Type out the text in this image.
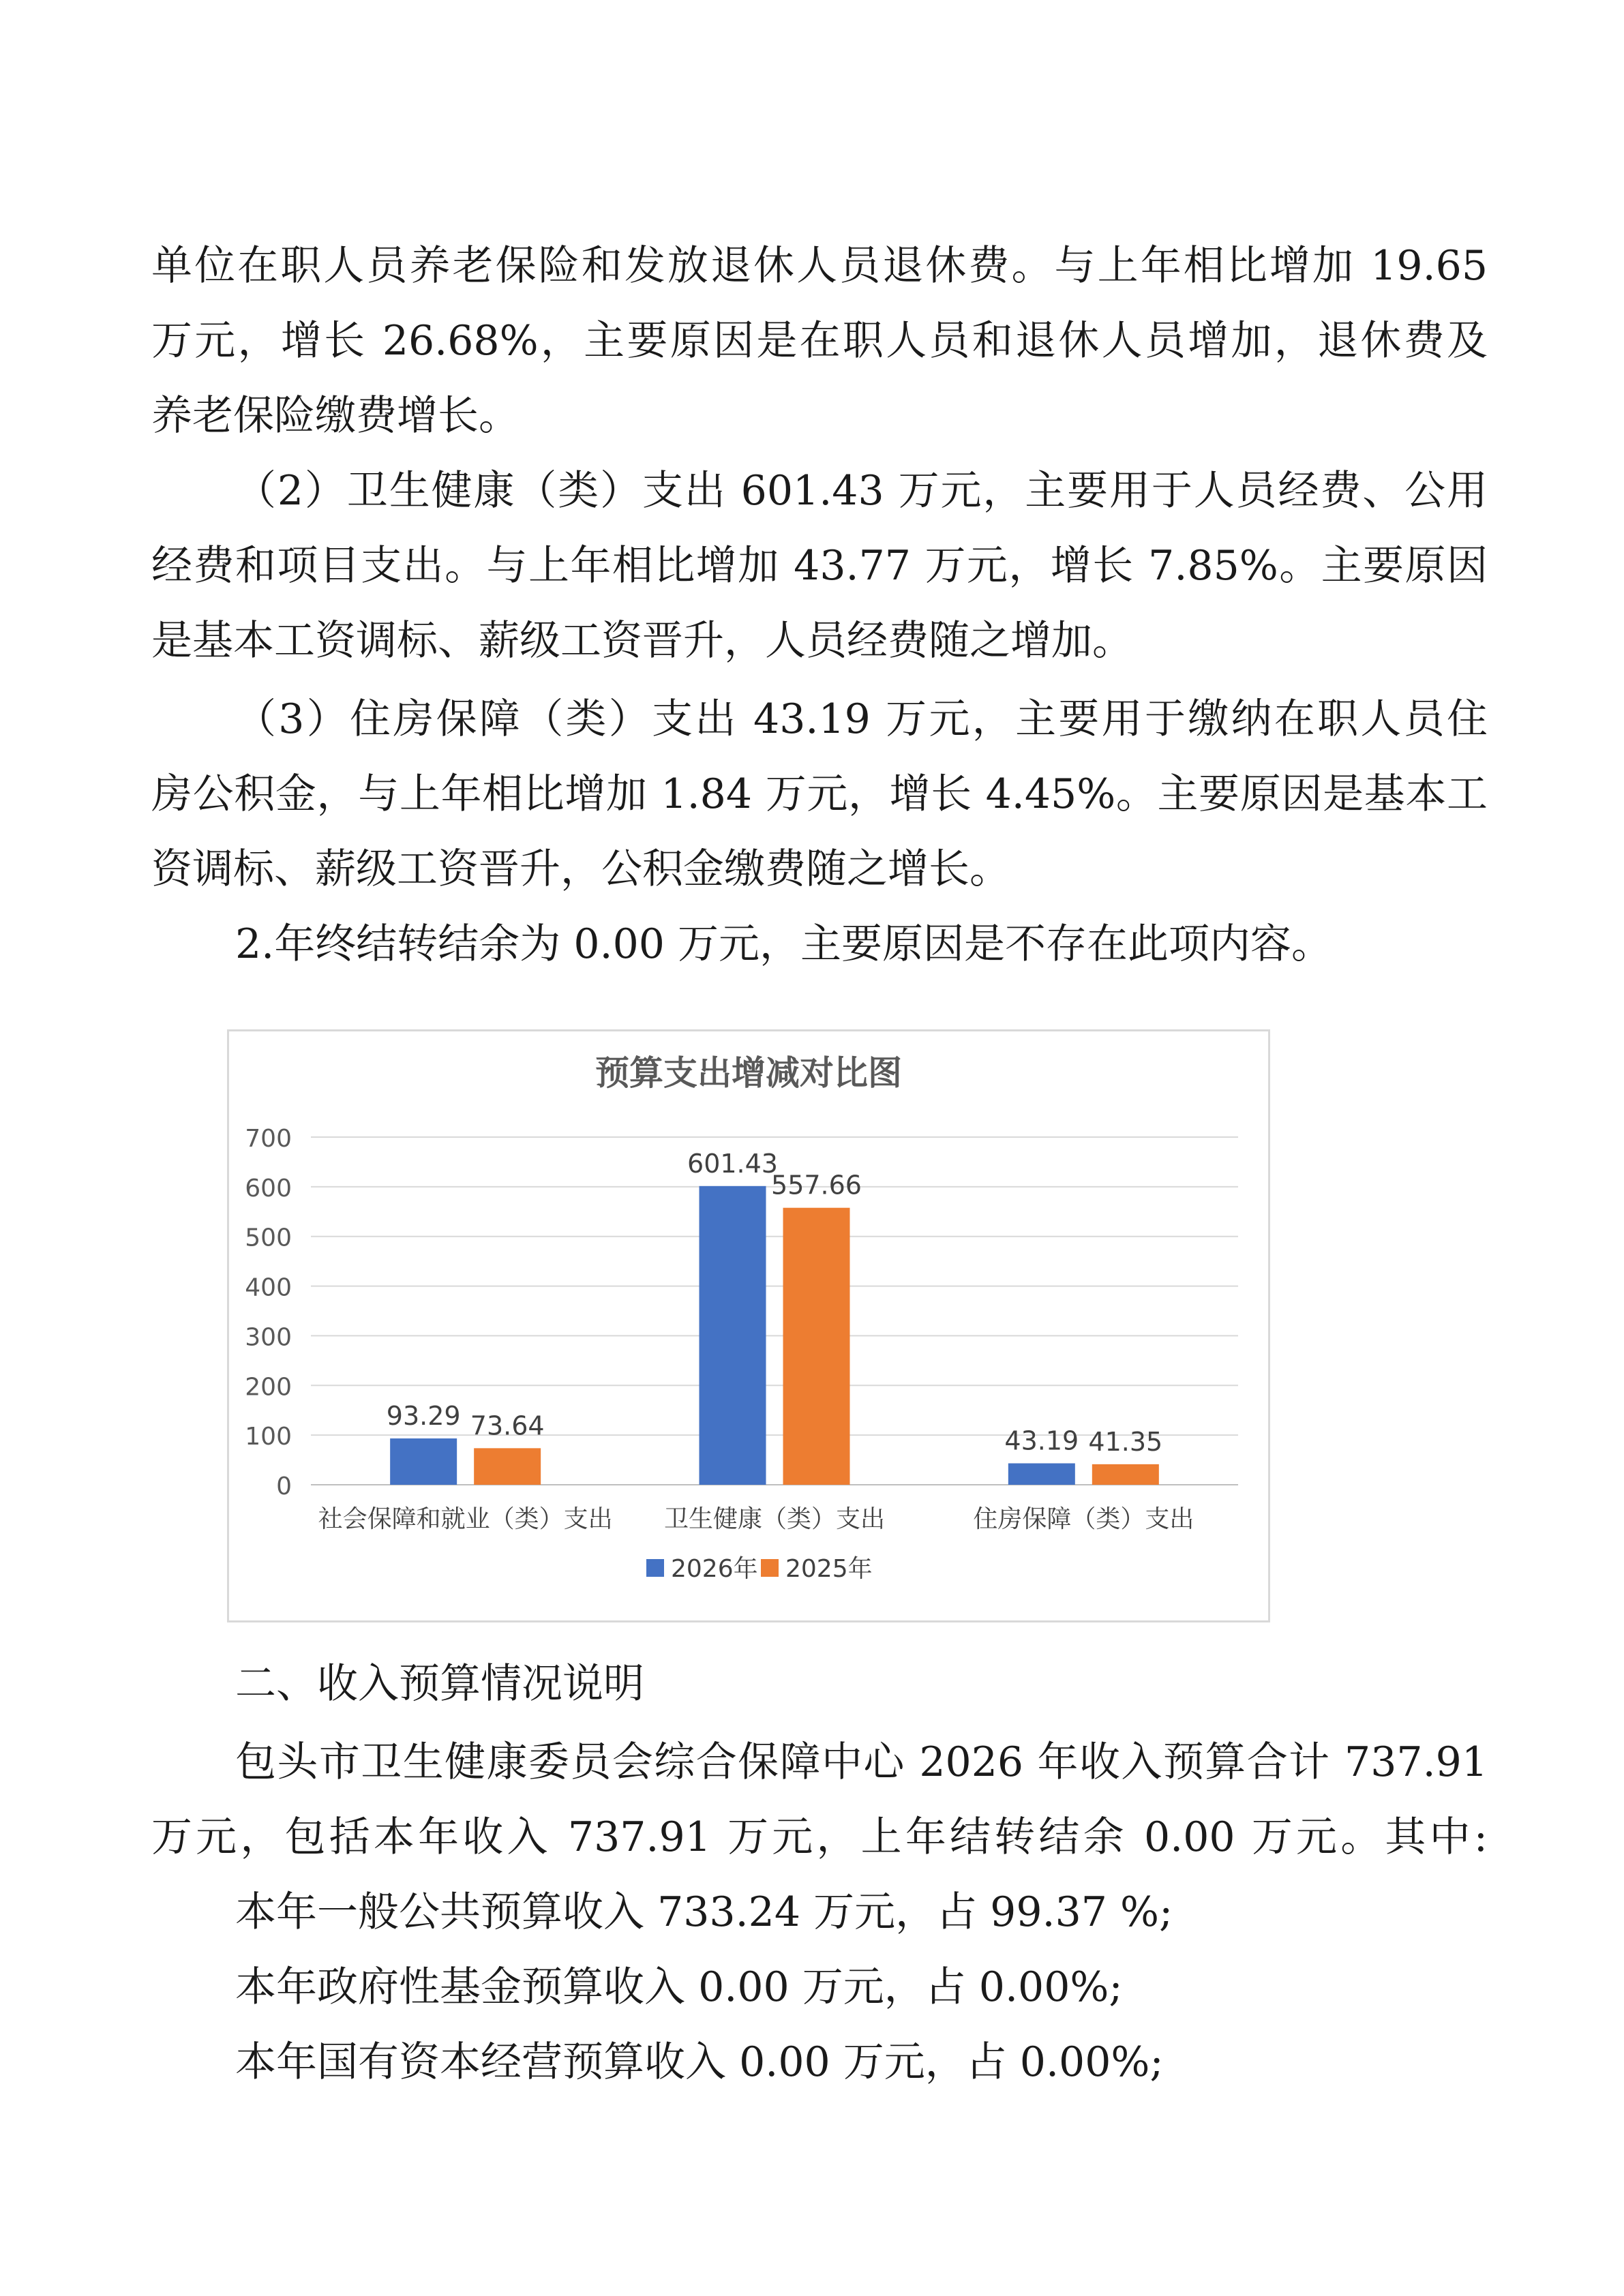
单位在职人员养老保险和发放退休人员退休费。与上年相比增加 19.65
万元，增长 26.68%，主要原因是在职人员和退休人员增加，退休费及
养老保险缴费增长。
（2）卫生健康（类）支出 601.43 万元，主要用于人员经费、公用
经费和项目支出。与上年相比增加 43.77 万元，增长 7.85%。主要原因
是基本工资调标、薪级工资晋升，人员经费随之增加。
（3）住房保障（类）支出 43.19 万元，主要用于缴纳在职人员住
房公积金，与上年相比增加 1.84 万元，增长 4.45%。主要原因是基本工
资调标、薪级工资晋升，公积金缴费随之增长。
2.年终结转结余为 0.00 万元，主要原因是不存在此项内容。
预算支出增减对比图
0
100
200
300
400
500
600
700
93.29 73.64
601.43
557.66
43.19 41.35
社会保障和就业（类）支出 卫生健康（类）支出	住房保障（类）支出
2026年 2025年
二、收入预算情况说明
包头市卫生健康委员会综合保障中心 2026 年收入预算合计 737.91
万元，包括本年收入 737.91 万元，上年结转结余 0.00 万元。其中:
本年一般公共预算收入 733.24 万元，占 99.37 %;
本年政府性基金预算收入 0.00 万元，占 0.00%;
本年国有资本经营预算收入 0.00 万元，占 0.00%;
